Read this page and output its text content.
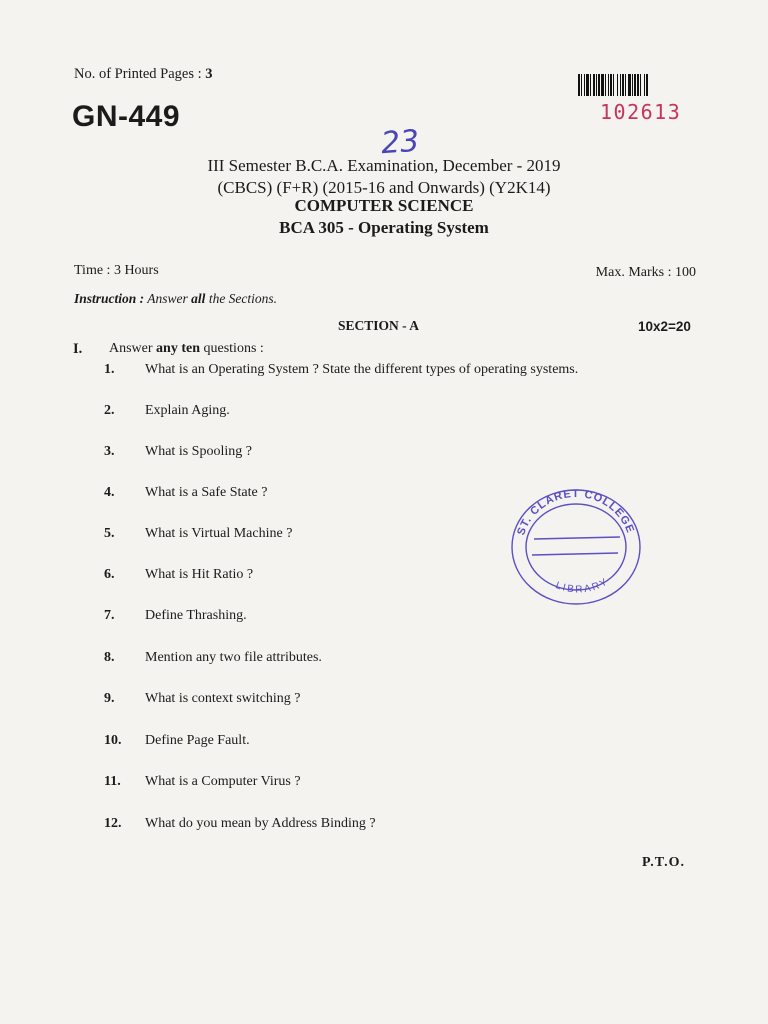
No. of Printed Pages : 3
GN-449	102613
23
III Semester B.C.A. Examination, December - 2019
(CBCS) (F+R) (2015-16 and Onwards) (Y2K14)
COMPUTER SCIENCE
BCA 305 - Operating System
Time : 3 Hours	Max. Marks : 100
Instruction : Answer all the Sections.
SECTION - A	10x2=20
I. Answer any ten questions :
1. What is an Operating System ? State the different types of operating systems.
2. Explain Aging.
3. What is Spooling ?
4. What is a Safe State ?
5. What is Virtual Machine ?
6. What is Hit Ratio ?
7. Define Thrashing.
8. Mention any two file attributes.
9. What is context switching ?
10. Define Page Fault.
11. What is a Computer Virus ?
12. What do you mean by Address Binding ?
ST. CLARET COLLEGE
LIBRARY
P.T.O.
